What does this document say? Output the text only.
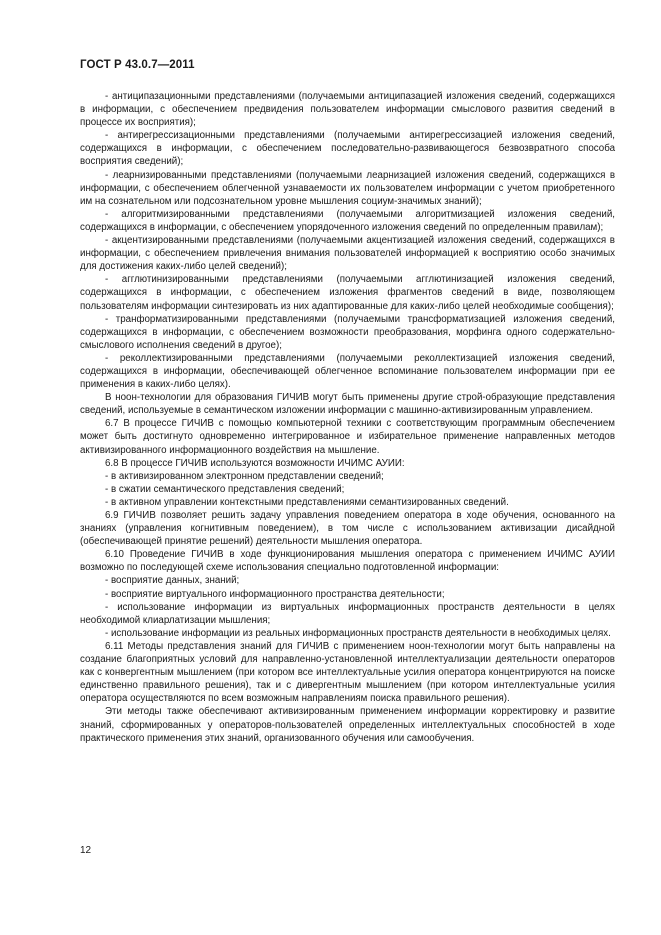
ГОСТ Р 43.0.7—2011

- антиципазационными представлениями (получаемыми антиципазацией изложения сведений, содержащихся в информации, с обеспечением предвидения пользователем информации смыслового развития сведений в процессе их восприятия);

- антирегрессизационными представлениями (получаемыми антирегрессизацией изложения сведений, содержащихся в информации, с обеспечением последовательно-развивающегося безвозвратного способа восприятия сведений);

- леарнизированными представлениями (получаемыми леарнизацией изложения сведений, содержащихся в информации, с обеспечением облегченной узнаваемости их пользователем информации с учетом приобретенного им на сознательном или подсознательном уровне мышления социум-значимых знаний);

- алгоритмизированными представлениями (получаемыми алгоритмизацией изложения сведений, содержащихся в информации, с обеспечением упорядоченного изложения сведений по определенным правилам);

- акцентизированными представлениями (получаемыми акцентизацией изложения сведений, содержащихся в информации, с обеспечением привлечения внимания пользователей информацией к восприятию особо значимых для достижения каких-либо целей сведений);

- агглютинизированными представлениями (получаемыми агглютинизацией изложения сведений, содержащихся в информации, с обеспечением изложения фрагментов сведений в виде, позволяющем пользователям информации синтезировать из них адаптированные для каких-либо целей необходимые сообщения);

- транформатизированными представлениями (получаемыми трансформатизацией изложения сведений, содержащихся в информации, с обеспечением возможности преобразования, морфинга одного содержательно-смыслового исполнения сведений в другое);

- реколлектизированными представлениями (получаемыми реколлектизацией изложения сведений, содержащихся в информации, обеспечивающей облегченное вспоминание пользователем информации при ее применения в каких-либо целях).

В ноон-технологии для образования ГИЧИВ могут быть применены другие строй-образующие представления сведений, используемые в семантическом изложении информации с машинно-активизированным управлением.

6.7 В процессе ГИЧИВ с помощью компьютерной техники с соответствующим программным обеспечением может быть достигнуто одновременно интегрированное и избирательное применение направленных методов активизированного информационного воздействия на мышление.

6.8 В процессе ГИЧИВ используются возможности ИЧИМС АУИИ:

- в активизированном электронном представлении сведений;

- в сжатии семантического представления сведений;

- в активном управлении контекстными представлениями семантизированных сведений.

6.9 ГИЧИВ позволяет решить задачу управления поведением оператора в ходе обучения, основанного на знаниях (управления когнитивным поведением), в том числе с использованием активизации дисайдной (обеспечивающей принятие решений) деятельности мышления оператора.

6.10 Проведение ГИЧИВ в ходе функционирования мышления оператора с применением ИЧИМС АУИИ возможно по последующей схеме использования специально подготовленной информации:

- восприятие данных, знаний;

- восприятие виртуального информационного пространства деятельности;

- использование информации из виртуальных информационных пространств деятельности в целях необходимой клиарлатизации мышления;

- использование информации из реальных информационных пространств деятельности в необходимых целях.

6.11 Методы представления знаний для ГИЧИВ с применением ноон-технологии могут быть направлены на создание благоприятных условий для направленно-установленной интеллектуализации деятельности операторов как с конвергентным мышлением (при котором все интеллектуальные усилия оператора концентрируются на поиске единственно правильного решения), так и с дивергентным мышлением (при котором интеллектуальные усилия оператора осуществляются по всем возможным направлениям поиска правильного решения).

Эти методы также обеспечивают активизированным применением информации корректировку и развитие знаний, сформированных у операторов-пользователей определенных интеллектуальных способностей в ходе практического применения этих знаний, организованного обучения или самообучения.

12
